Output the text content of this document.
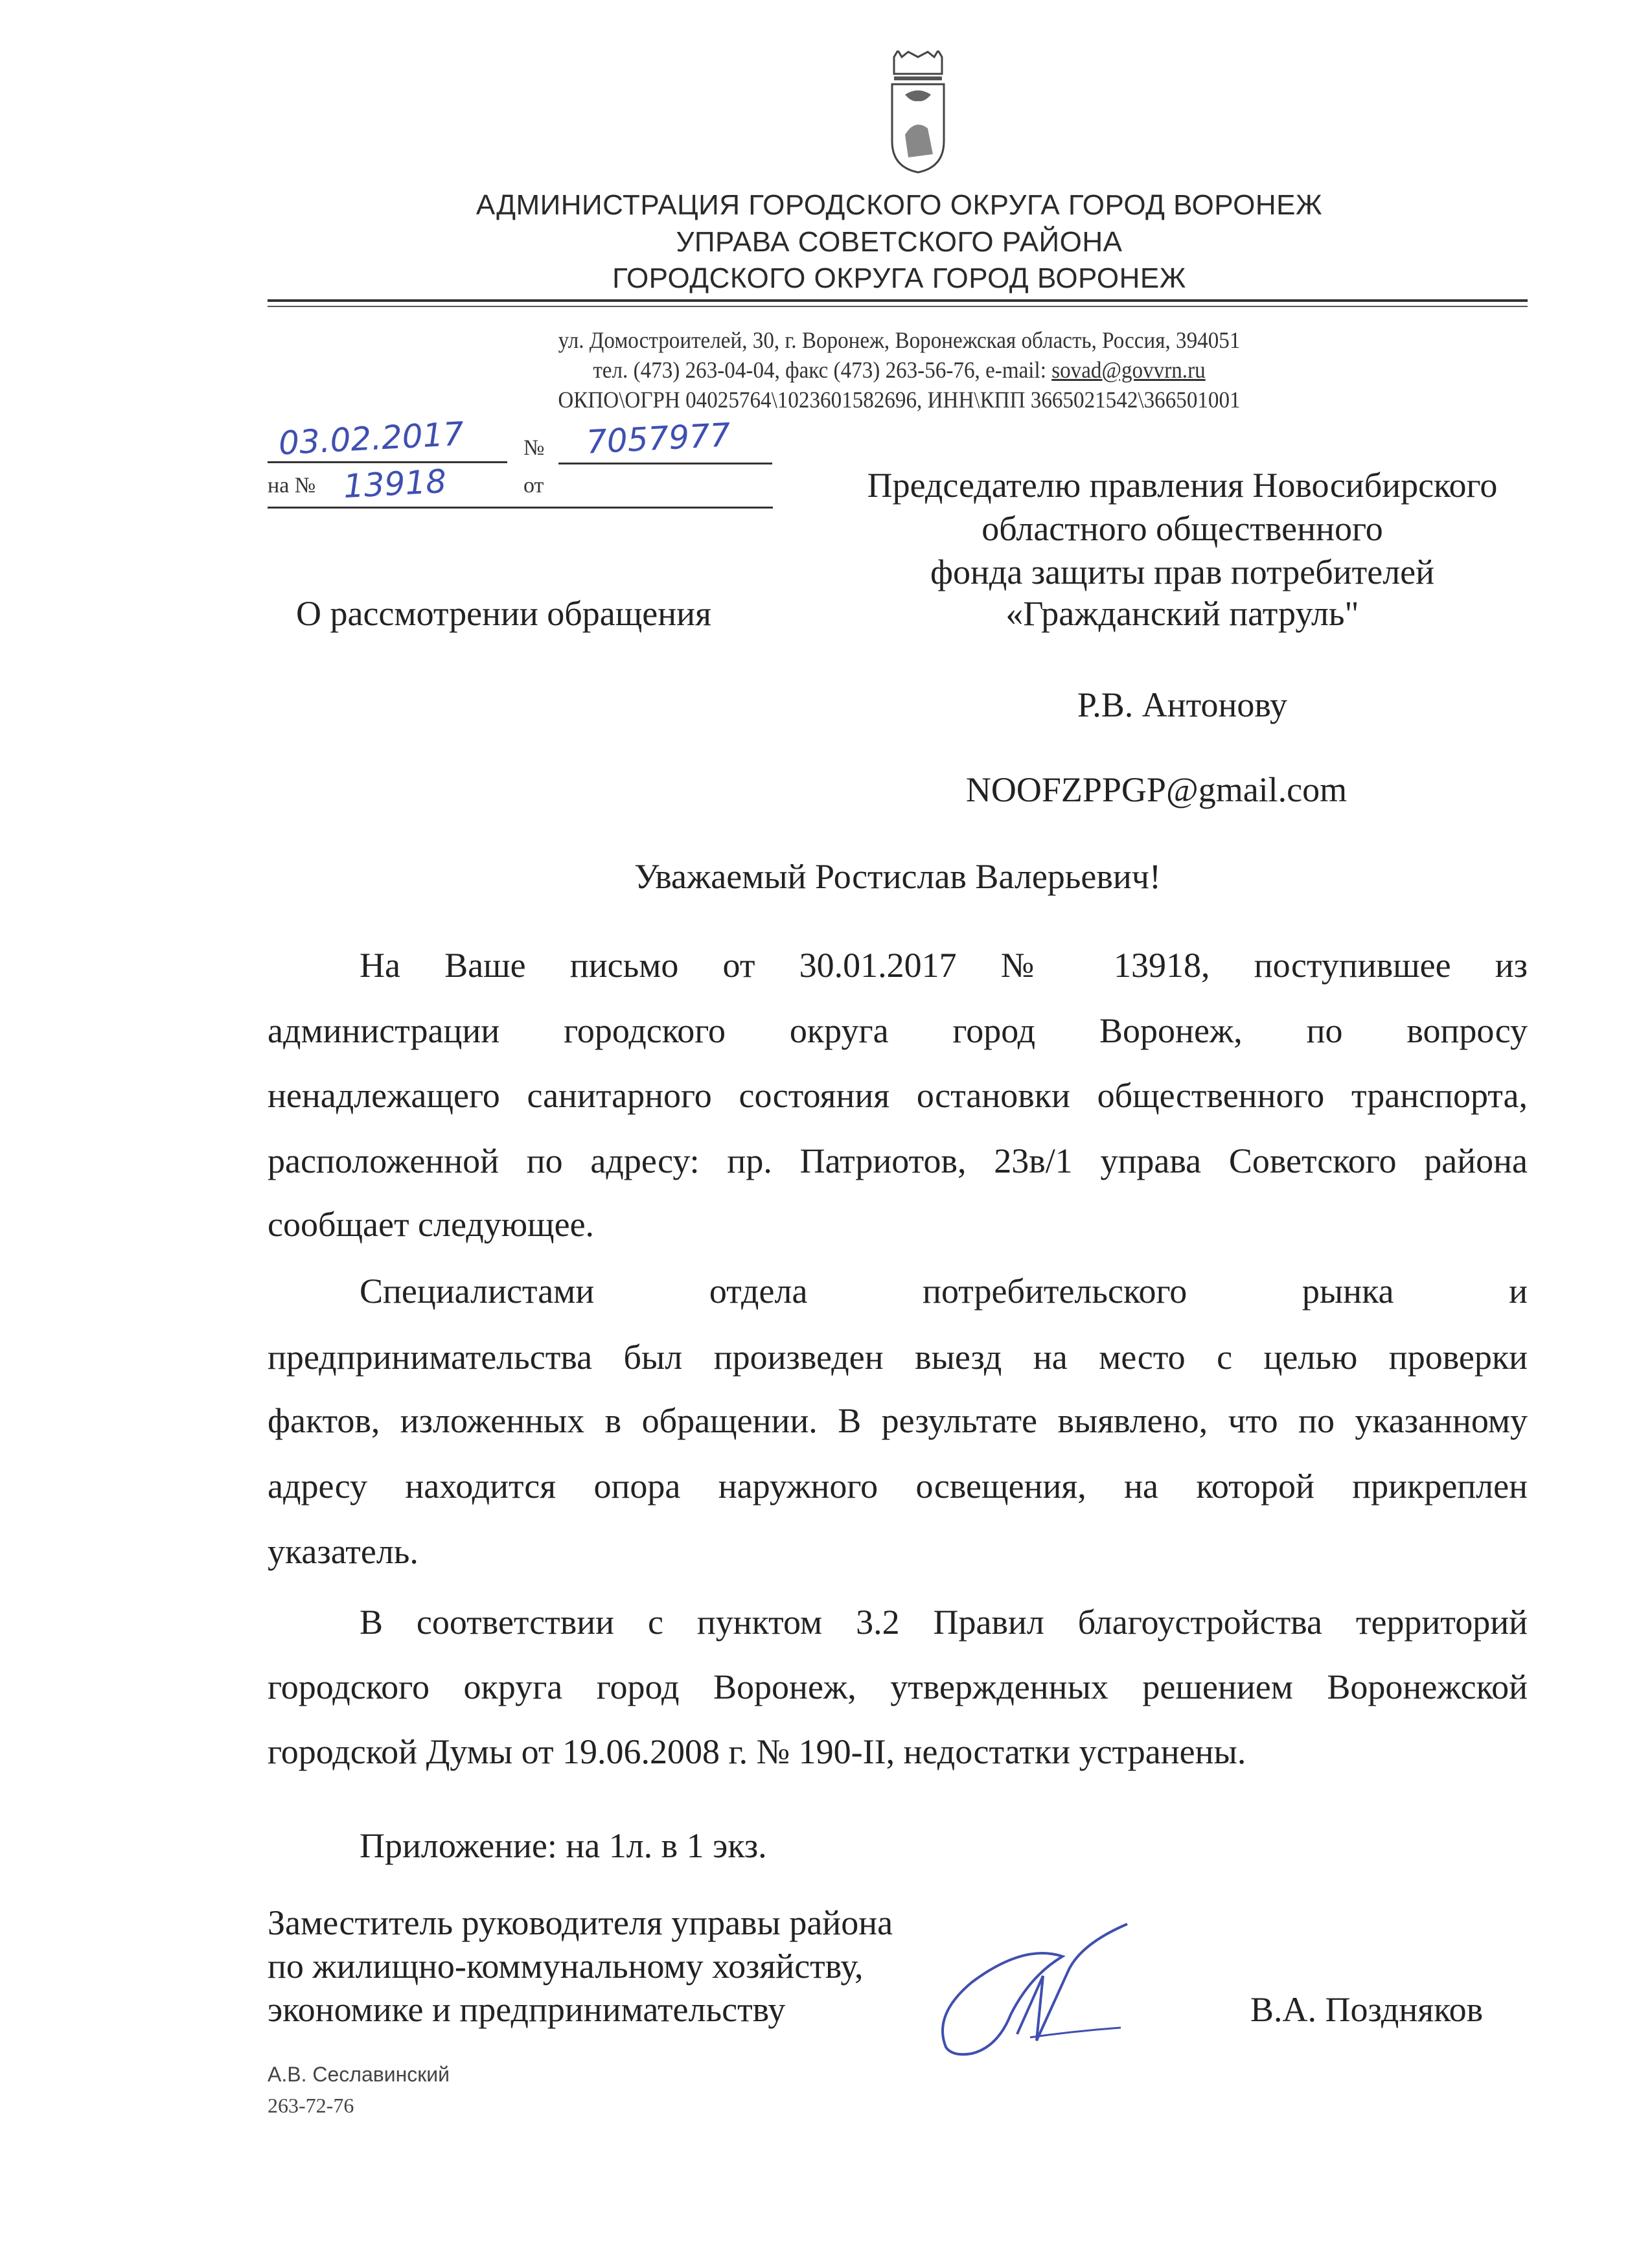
АДМИНИСТРАЦИЯ ГОРОДСКОГО ОКРУГА ГОРОД ВОРОНЕЖ
УПРАВА СОВЕТСКОГО РАЙОНА
ГОРОДСКОГО ОКРУГА ГОРОД ВОРОНЕЖ
ул. Домостроителей, 30, г. Воронеж, Воронежская область, Россия, 394051
тел. (473) 263-04-04, факс (473) 263-56-76, e-mail: sovad@govvrn.ru
ОКПО\ОГРН 04025764\1023601582696, ИНН\КПП 3665021542\366501001
03.02.2017	№ 7057977
на № 13918	от	Председателю правления Новосибирского
областного общественного
фонда защиты прав потребителей
«Гражданский патруль"
О рассмотрении обращения
Р.В. Антонову
NOOFZPPGP@gmail.com
Уважаемый Ростислав Валерьевич!
На Ваше письмо от 30.01.2017 № 13918, поступившее из
администрации городского округа город Воронеж, по вопросу
ненадлежащего санитарного состояния остановки общественного транспорта,
расположенной по адресу: пр. Патриотов, 23в/1 управа Советского района
сообщает следующее.
Специалистами отдела потребительского рынка и
предпринимательства был произведен выезд на место с целью проверки
фактов, изложенных в обращении. В результате выявлено, что по указанному
адресу находится опора наружного освещения, на которой прикреплен
указатель.
В соответствии с пунктом 3.2 Правил благоустройства территорий
городского округа город Воронеж, утвержденных решением Воронежской
городской Думы от 19.06.2008 г. № 190-II, недостатки устранены.
Приложение: на 1л. в 1 экз.
Заместитель руководителя управы района
по жилищно-коммунальному хозяйству,
экономике и предпринимательству	В.А. Поздняков
А.В. Сеславинский
263-72-76
